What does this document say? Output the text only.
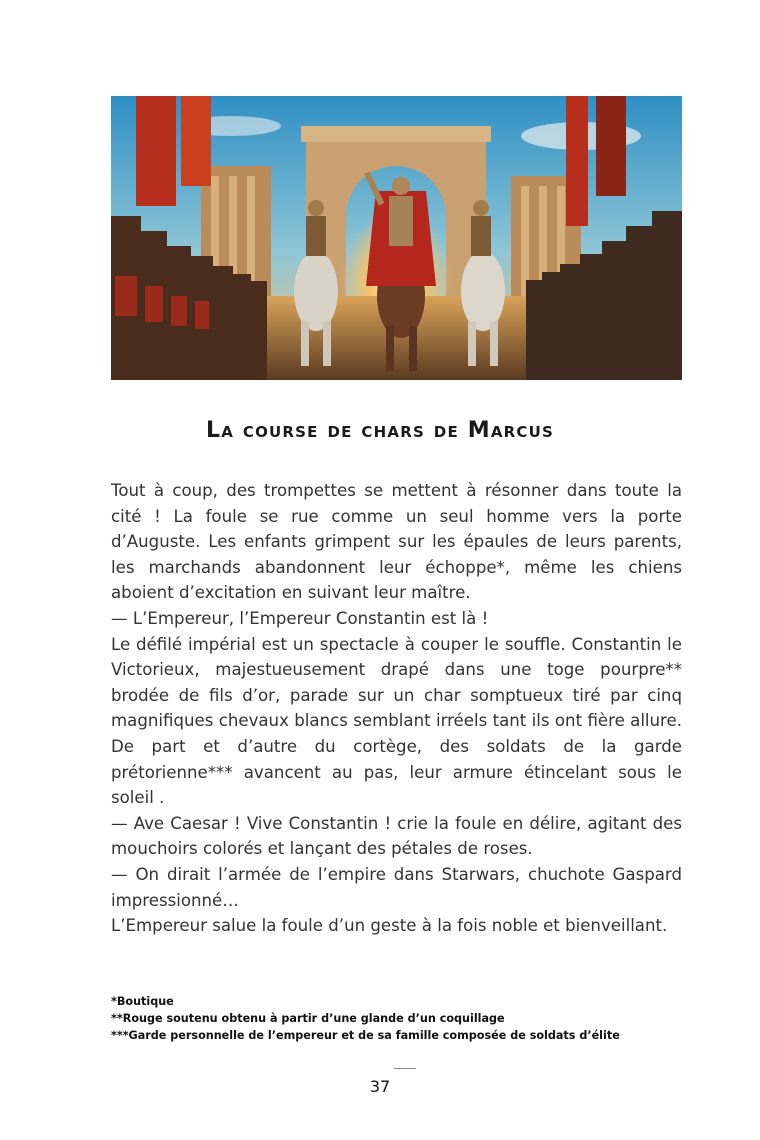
La course de chars de Marcus

Tout à coup, des trompettes se mettent à résonner dans toute la cité ! La foule se rue comme un seul homme vers la porte d’Auguste. Les enfants grimpent sur les épaules de leurs parents, les marchands abandonnent leur échoppe*, même les chiens aboient d’excitation en suivant leur maître.

— L’Empereur, l’Empereur Constantin est là !

Le défilé impérial est un spectacle à couper le souffle. Constantin le Victorieux, majestueusement drapé dans une toge pourpre** brodée de fils d’or, parade sur un char somptueux tiré par cinq magnifiques chevaux blancs semblant irréels tant ils ont fière allure. De part et d’autre du cortège, des soldats de la garde prétorienne*** avancent au pas, leur armure étincelant sous le soleil .

— Ave Caesar ! Vive Constantin ! crie la foule en délire, agitant des mouchoirs colorés et lançant des pétales de roses.

— On dirait l’armée de l’empire dans Starwars, chuchote Gaspard impressionné…

L’Empereur salue la foule d’un geste à la fois noble et bienveillant.

*Boutique

**Rouge soutenu obtenu à partir d’une glande d’un coquillage

***Garde personnelle de l’empereur et de sa famille composée de soldats d’élite

37
